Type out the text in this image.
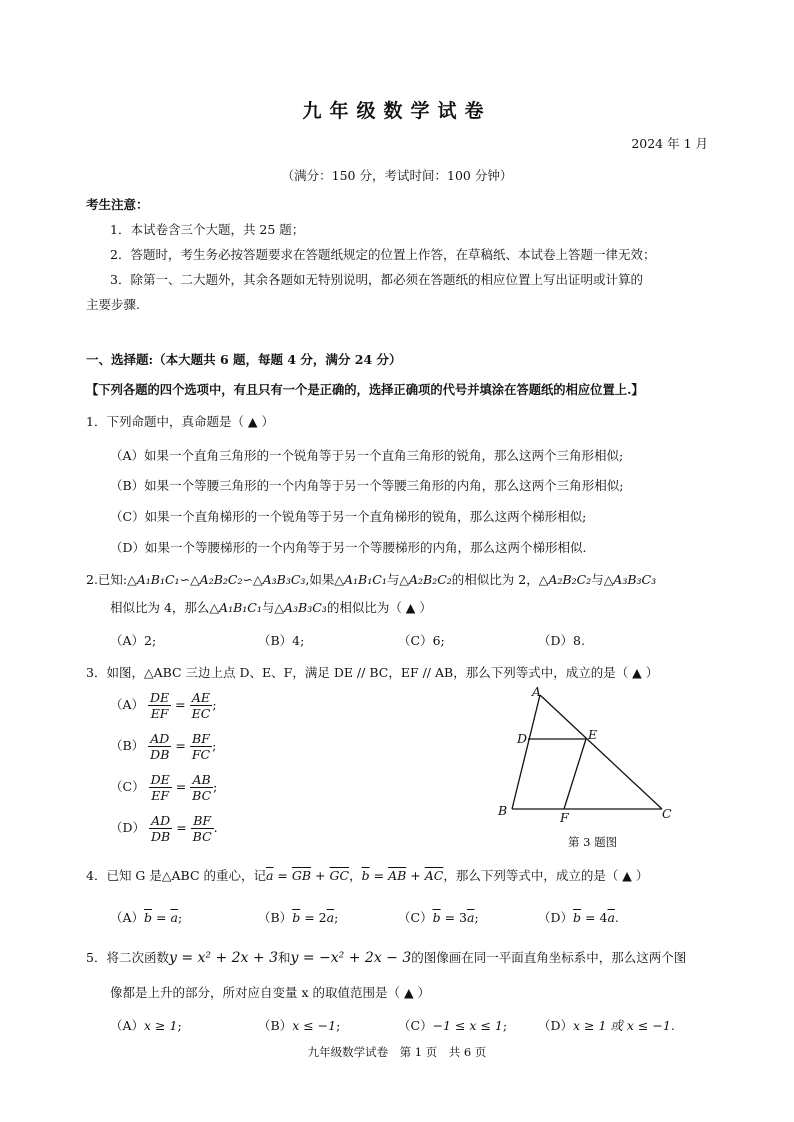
九年级数学试卷
2024 年 1 月
（满分：150 分，考试时间：100 分钟）
考生注意：
1．本试卷含三个大题，共 25 题；
2．答题时，考生务必按答题要求在答题纸规定的位置上作答，在草稿纸、本试卷上答题一律无效；
3．除第一、二大题外，其余各题如无特别说明，都必须在答题纸的相应位置上写出证明或计算的
主要步骤.
一、选择题:（本大题共 6 题，每题 4 分，满分 24 分）
【下列各题的四个选项中，有且只有一个是正确的，选择正确项的代号并填涂在答题纸的相应位置上.】
1．下列命题中，真命题是（ ▲ ）
（A）如果一个直角三角形的一个锐角等于另一个直角三角形的锐角，那么这两个三角形相似;
（B）如果一个等腰三角形的一个内角等于另一个等腰三角形的内角，那么这两个三角形相似;
（C）如果一个直角梯形的一个锐角等于另一个直角梯形的锐角，那么这两个梯形相似;
（D）如果一个等腰梯形的一个内角等于另一个等腰梯形的内角，那么这两个梯形相似.
2.已知:△A₁B₁C₁∽△A₂B₂C₂∽△A₃B₃C₃,如果△A₁B₁C₁与△A₂B₂C₂的相似比为 2，△A₂B₂C₂与△A₃B₃C₃
相似比为 4，那么△A₁B₁C₁与△A₃B₃C₃的相似比为（ ▲ ）
（A）2;	（B）4;	（C）6;	（D）8.
3．如图，△ABC 三边上点 D、E、F，满足 DE // BC，EF // AB，那么下列等式中，成立的是（ ▲ ）
$(A) \frac{DE}{EF} = \frac{AE}{EC}$ ;
$(B) \frac{AD}{DB} = \frac{BF}{FC}$ ;
$(C) \frac{DE}{EF} = \frac{AB}{BC}$ ;
$(D) \frac{AD}{DB} = \frac{BF}{BC}$ .
A
D	E
B	F	C
第 3 题图
4．已知 G 是△ABC 的重心，记$\overline{a} = \overline{GB} + \overline{GC}$，$\overline{b} = \overline{AB} + \overline{AC}$，那么下列等式中，成立的是（ ▲ ）
$(A)\overline{b} = \overline{a}$;	$(B)\overline{b} = 2\overline{a}$;	$(C)\overline{b} = 3\overline{a}$;	$(D)\overline{b} = 4\overline{a}$.
5．将二次函数y = x² + 2x + 3和y = −x² + 2x − 3的图像画在同一平面直角坐标系中，那么这两个图
像都是上升的部分，所对应自变量 x 的取值范围是（ ▲ ）
（A）x ≥ 1;	（B）x ≤ −1;	（C）−1 ≤ x ≤ 1; （D）x ≥ 1 或 x ≤ −1.
九年级数学试卷　第 1 页　共 6 页
